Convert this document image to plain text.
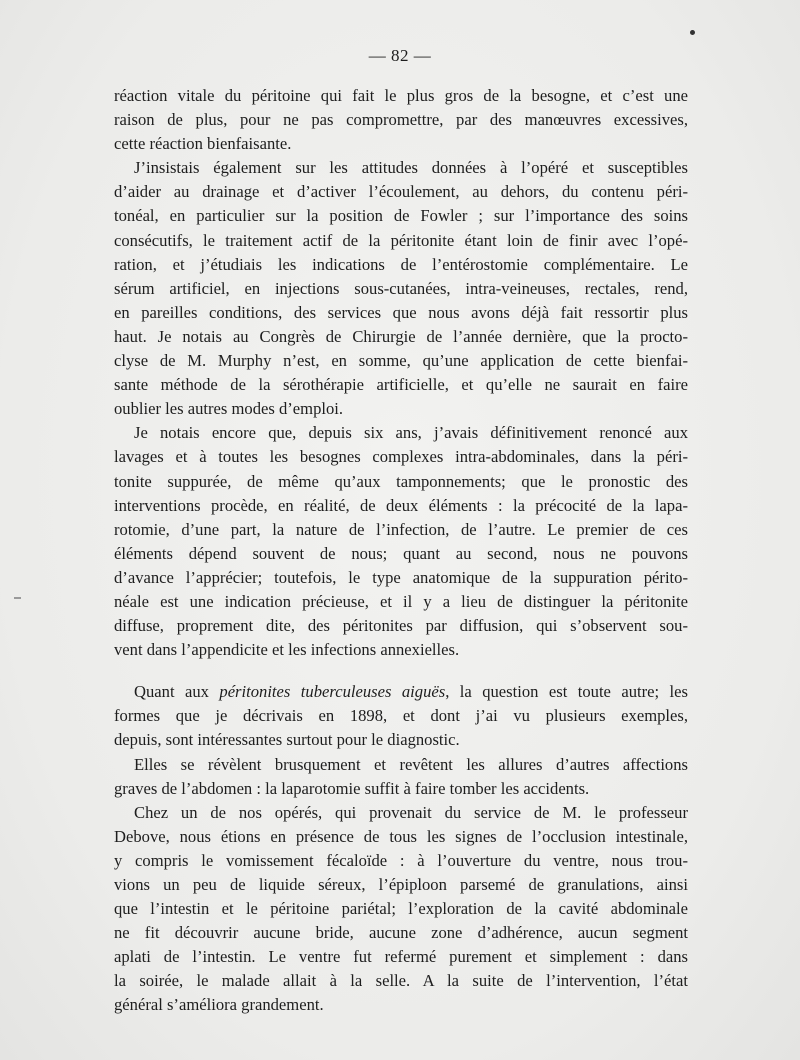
— 82 —
réaction vitale du péritoine qui fait le plus gros de la besogne, et c’est une
raison de plus, pour ne pas compromettre, par des manœuvres excessives,
cette réaction bienfaisante.
J’insistais également sur les attitudes données à l’opéré et susceptibles
d’aider au drainage et d’activer l’écoulement, au dehors, du contenu péri-
tonéal, en particulier sur la position de Fowler ; sur l’importance des soins
consécutifs, le traitement actif de la péritonite étant loin de finir avec l’opé-
ration, et j’étudiais les indications de l’entérostomie complémentaire. Le
sérum artificiel, en injections sous-cutanées, intra-veineuses, rectales, rend,
en pareilles conditions, des services que nous avons déjà fait ressortir plus
haut. Je notais au Congrès de Chirurgie de l’année dernière, que la procto-
clyse de M. Murphy n’est, en somme, qu’une application de cette bienfai-
sante méthode de la sérothérapie artificielle, et qu’elle ne saurait en faire
oublier les autres modes d’emploi.
Je notais encore que, depuis six ans, j’avais définitivement renoncé aux
lavages et à toutes les besognes complexes intra-abdominales, dans la péri-
tonite suppurée, de même qu’aux tamponnements; que le pronostic des
interventions procède, en réalité, de deux éléments : la précocité de la lapa-
rotomie, d’une part, la nature de l’infection, de l’autre. Le premier de ces
éléments dépend souvent de nous; quant au second, nous ne pouvons
d’avance l’apprécier; toutefois, le type anatomique de la suppuration périto-
néale est une indication précieuse, et il y a lieu de distinguer la péritonite
diffuse, proprement dite, des péritonites par diffusion, qui s’observent sou-
vent dans l’appendicite et les infections annexielles.
Quant aux péritonites tuberculeuses aiguës, la question est toute autre; les
formes que je décrivais en 1898, et dont j’ai vu plusieurs exemples,
depuis, sont intéressantes surtout pour le diagnostic.
Elles se révèlent brusquement et revêtent les allures d’autres affections
graves de l’abdomen : la laparotomie suffit à faire tomber les accidents.
Chez un de nos opérés, qui provenait du service de M. le professeur
Debove, nous étions en présence de tous les signes de l’occlusion intestinale,
y compris le vomissement fécaloïde : à l’ouverture du ventre, nous trou-
vions un peu de liquide séreux, l’épiploon parsemé de granulations, ainsi
que l’intestin et le péritoine pariétal; l’exploration de la cavité abdominale
ne fit découvrir aucune bride, aucune zone d’adhérence, aucun segment
aplati de l’intestin. Le ventre fut refermé purement et simplement : dans
la soirée, le malade allait à la selle. A la suite de l’intervention, l’état
général s’améliora grandement.
